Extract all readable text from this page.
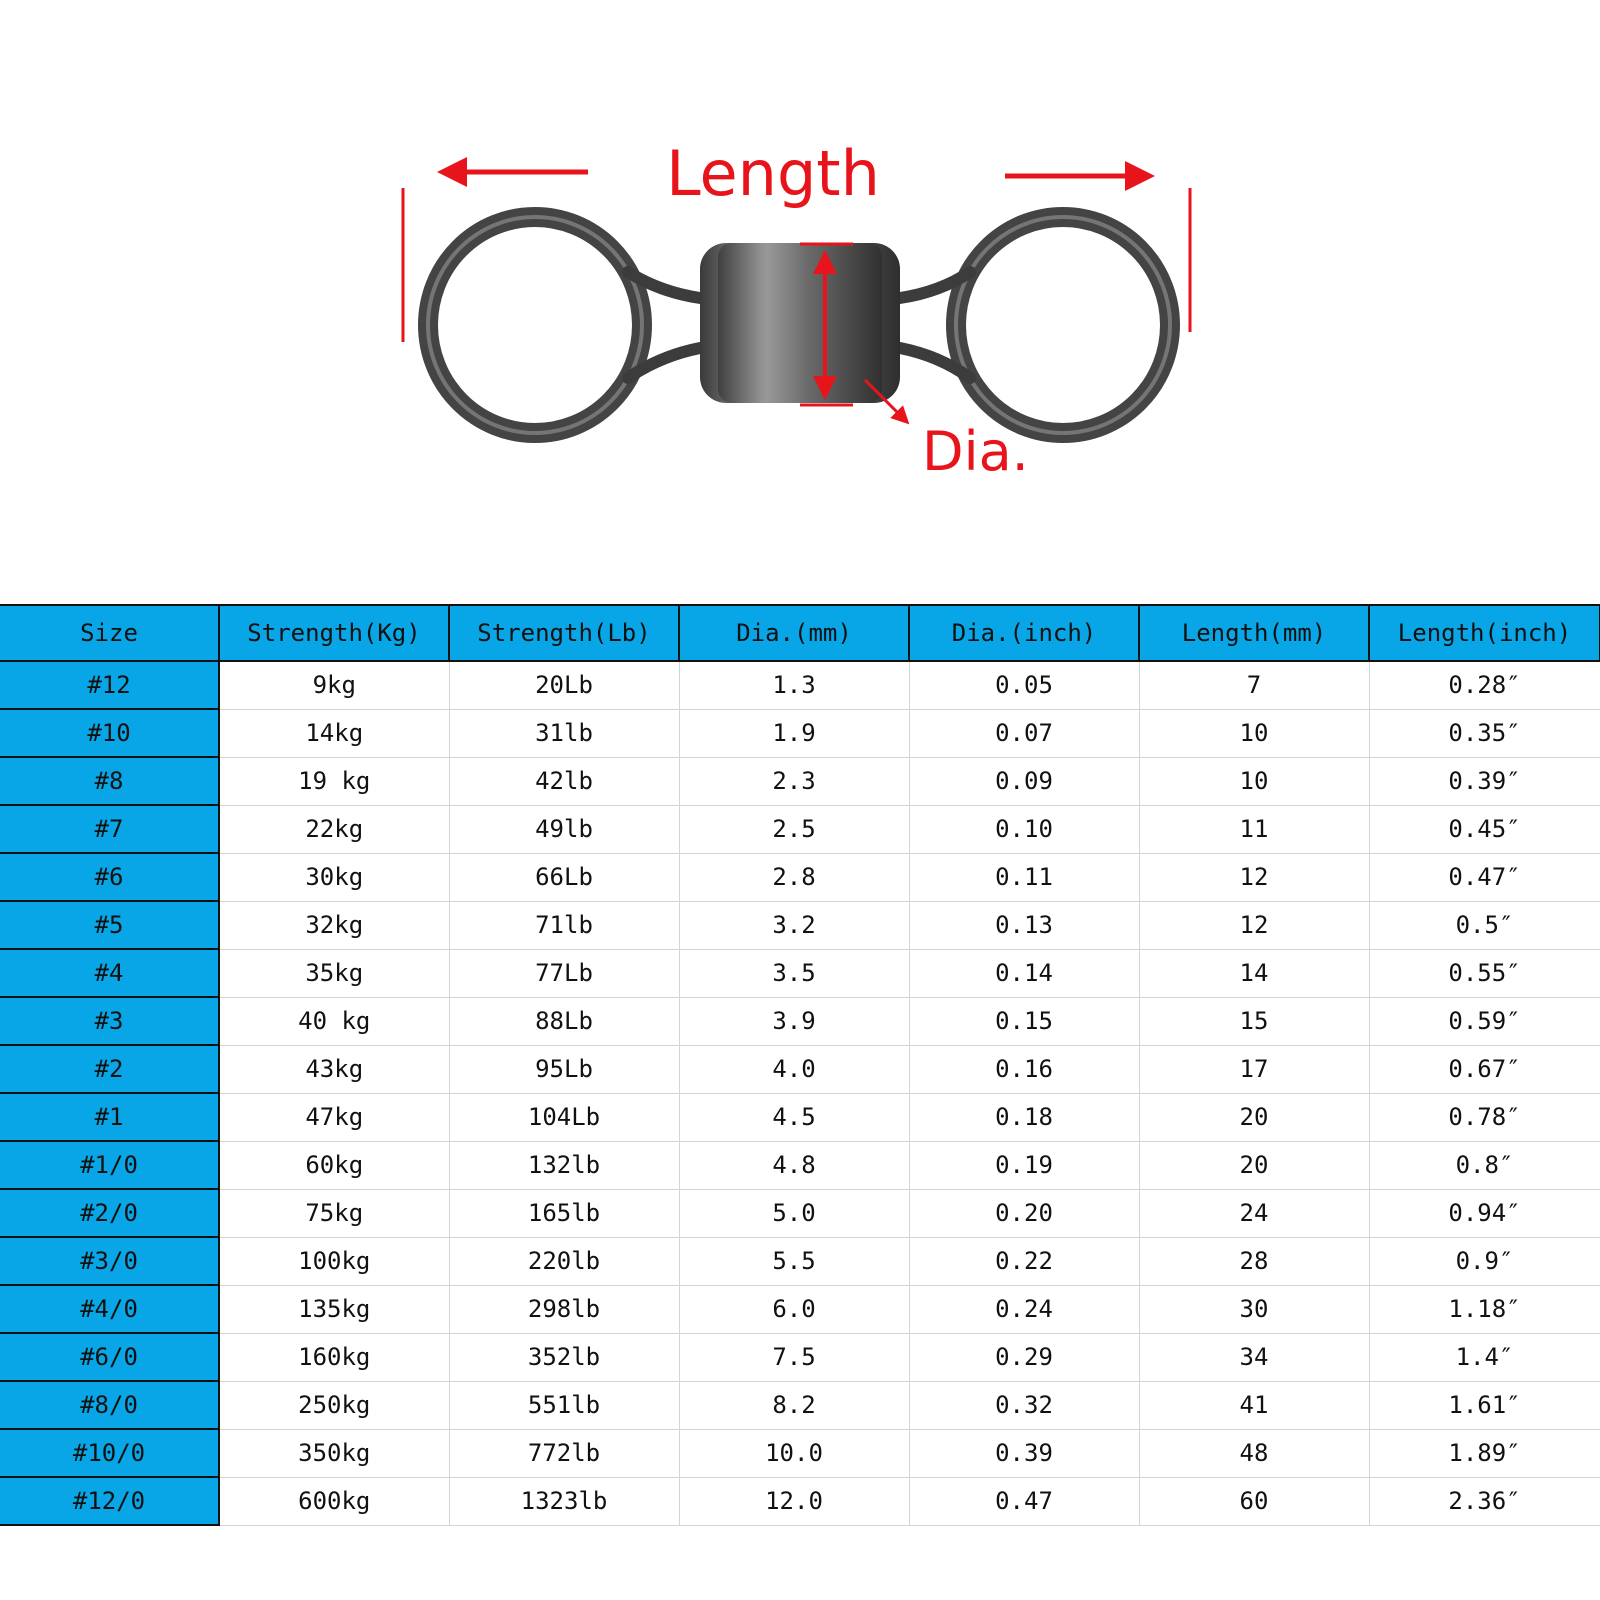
Length
Dia.
Size	Strength(Kg)	Strength(Lb)	Dia.(mm)	Dia.(inch)	Length(mm)	Length(inch)
#12	9kg	20Lb	1.3	0.05	7	0.28″
#10	14kg	31lb	1.9	0.07	10	0.35″
#8	19 kg	42lb	2.3	0.09	10	0.39″
#7	22kg	49lb	2.5	0.10	11	0.45″
#6	30kg	66Lb	2.8	0.11	12	0.47″
#5	32kg	71lb	3.2	0.13	12	0.5″
#4	35kg	77Lb	3.5	0.14	14	0.55″
#3	40 kg	88Lb	3.9	0.15	15	0.59″
#2	43kg	95Lb	4.0	0.16	17	0.67″
#1	47kg	104Lb	4.5	0.18	20	0.78″
#1/0	60kg	132lb	4.8	0.19	20	0.8″
#2/0	75kg	165lb	5.0	0.20	24	0.94″
#3/0	100kg	220lb	5.5	0.22	28	0.9″
#4/0	135kg	298lb	6.0	0.24	30	1.18″
#6/0	160kg	352lb	7.5	0.29	34	1.4″
#8/0	250kg	551lb	8.2	0.32	41	1.61″
#10/0	350kg	772lb	10.0	0.39	48	1.89″
#12/0	600kg	1323lb	12.0	0.47	60	2.36″
